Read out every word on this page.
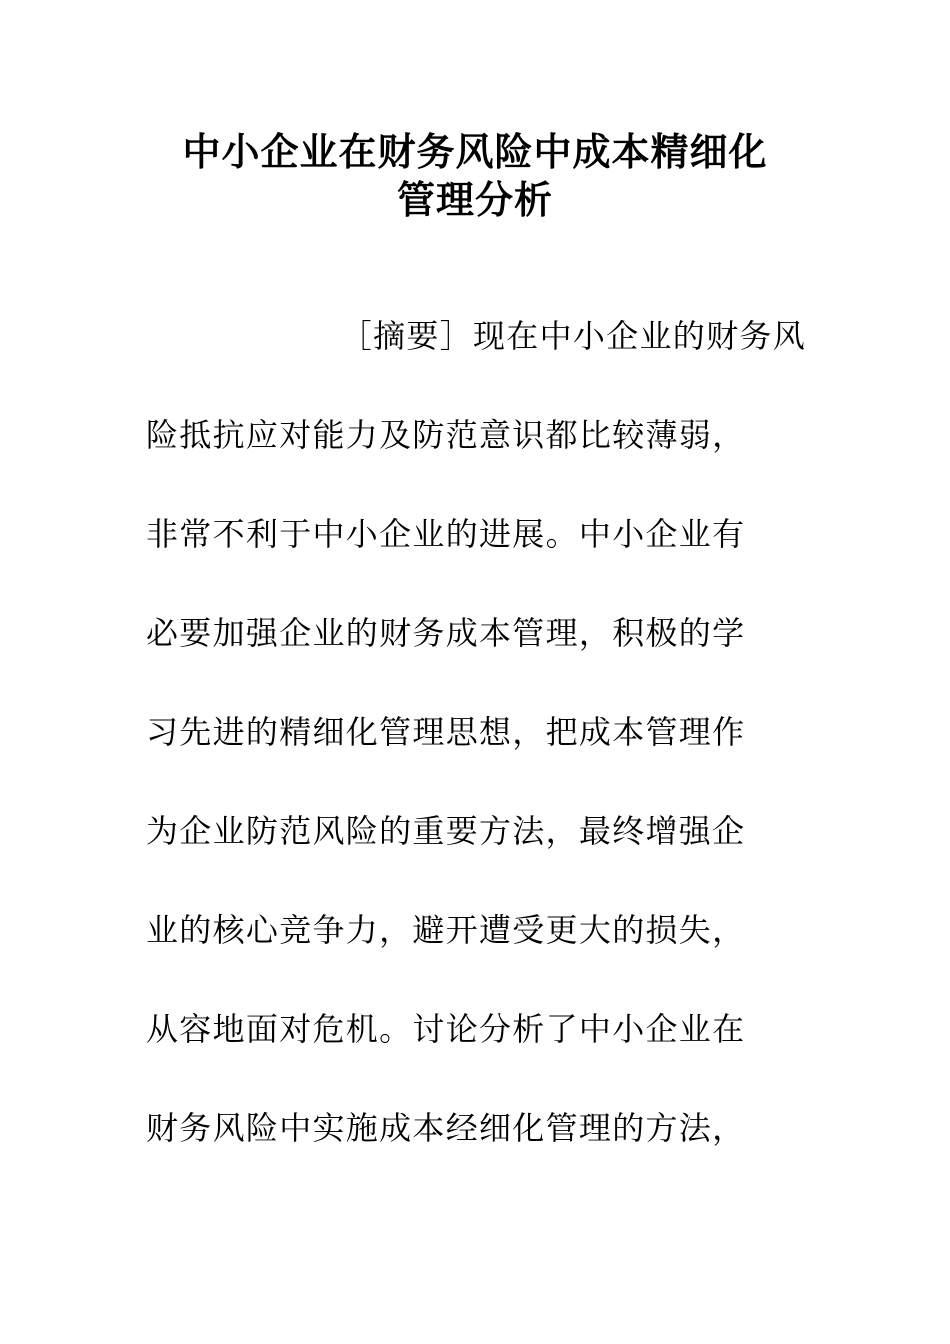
中小企业在财务风险中成本精细化
管理分析

［摘要］现在中小企业的财务风

险抵抗应对能力及防范意识都比较薄弱，

非常不利于中小企业的进展。中小企业有

必要加强企业的财务成本管理，积极的学

习先进的精细化管理思想，把成本管理作

为企业防范风险的重要方法，最终增强企

业的核心竞争力，避开遭受更大的损失，

从容地面对危机。讨论分析了中小企业在

财务风险中实施成本经细化管理的方法，
